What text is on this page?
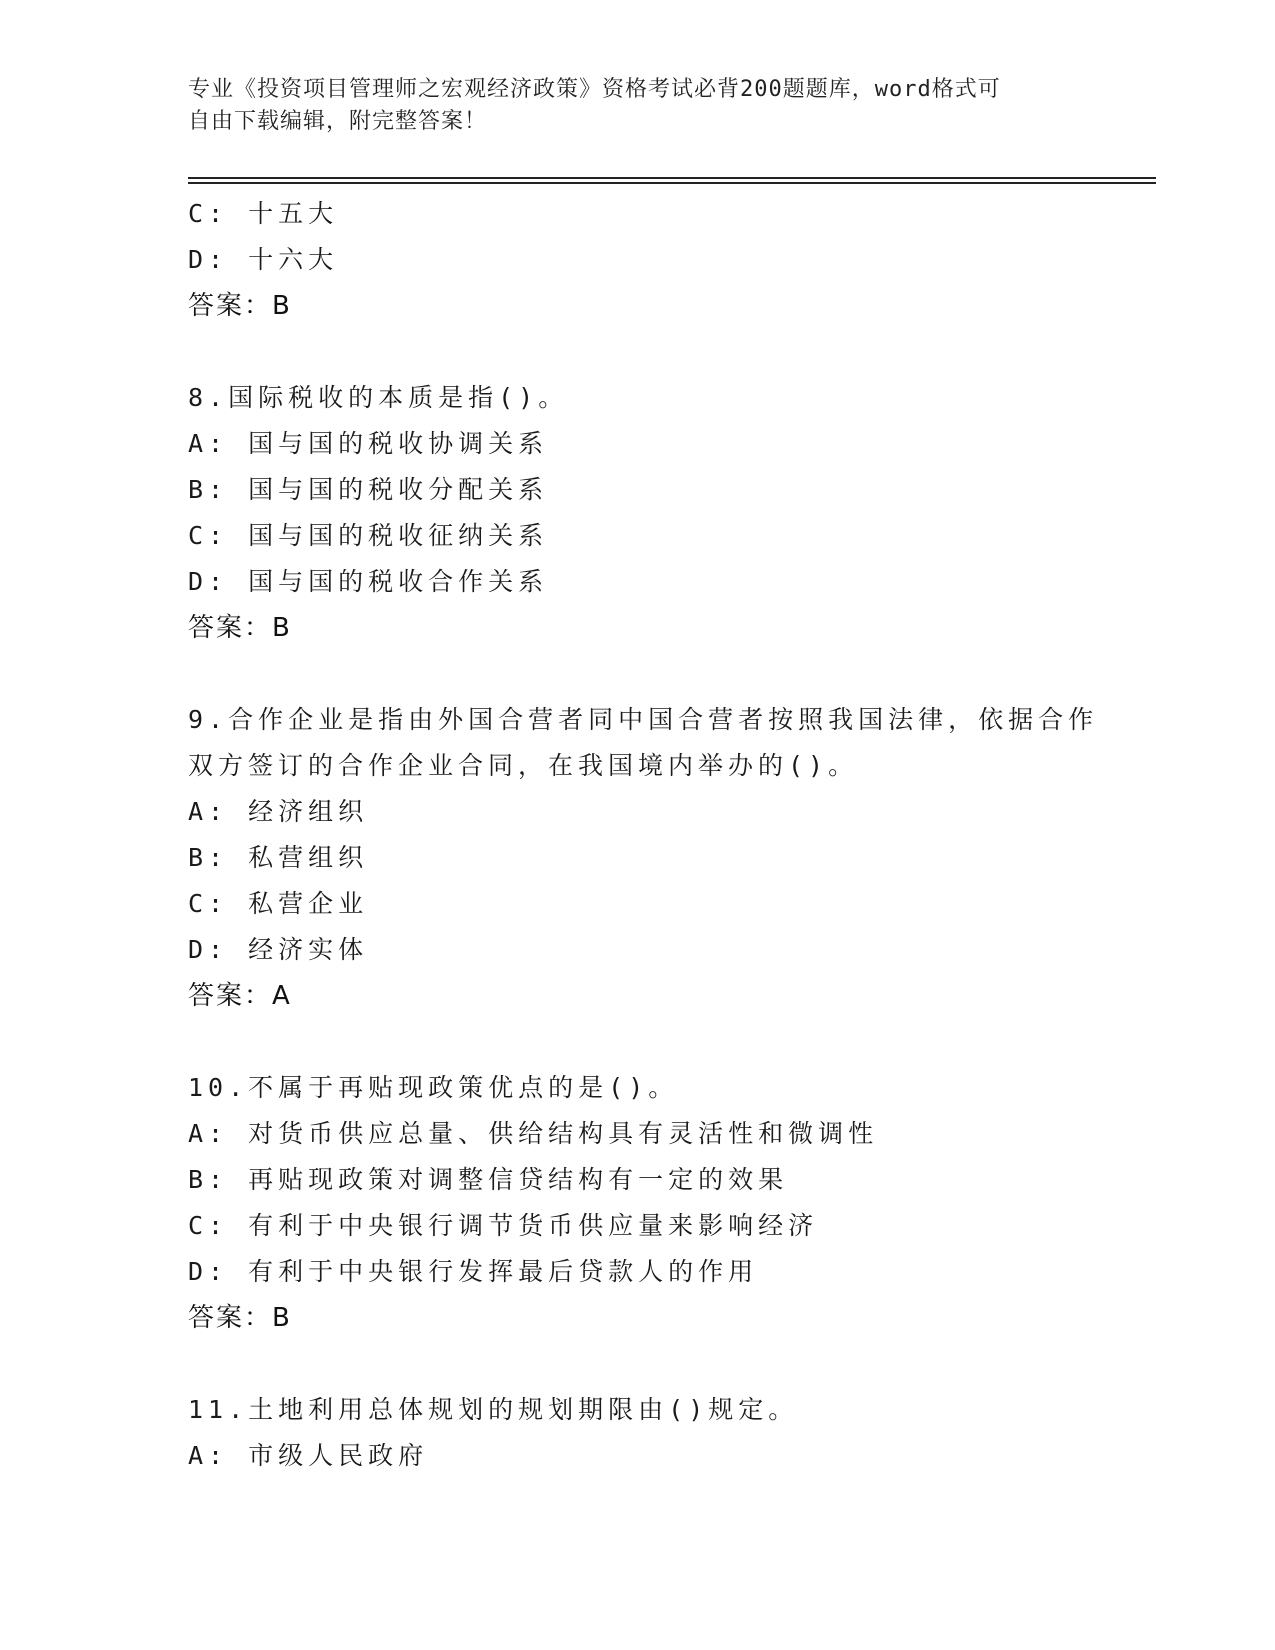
专业《投资项目管理师之宏观经济政策》资格考试必背200题题库，word格式可
自由下载编辑，附完整答案！
C: 十五大
D: 十六大
答案：B
8.国际税收的本质是指()。
A: 国与国的税收协调关系
B: 国与国的税收分配关系
C: 国与国的税收征纳关系
D: 国与国的税收合作关系
答案：B
9.合作企业是指由外国合营者同中国合营者按照我国法律，依据合作
双方签订的合作企业合同，在我国境内举办的()。
A: 经济组织
B: 私营组织
C: 私营企业
D: 经济实体
答案：A
10.不属于再贴现政策优点的是()。
A: 对货币供应总量、供给结构具有灵活性和微调性
B: 再贴现政策对调整信贷结构有一定的效果
C: 有利于中央银行调节货币供应量来影响经济
D: 有利于中央银行发挥最后贷款人的作用
答案：B
11.土地利用总体规划的规划期限由()规定。
A: 市级人民政府
